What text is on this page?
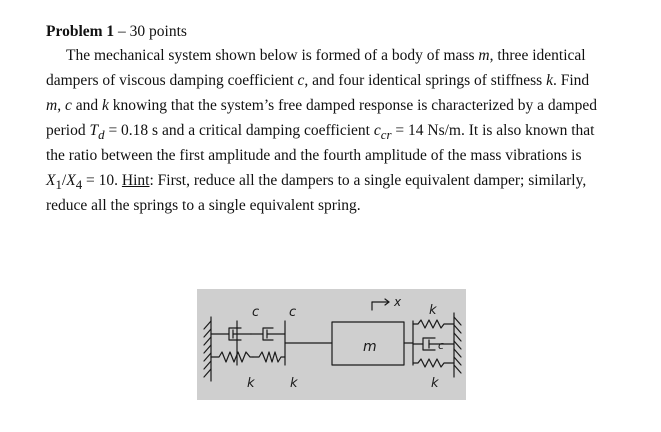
Problem 1 – 30 points
The mechanical system shown below is formed of a body of mass m, three identical
dampers of viscous damping coefficient c, and four identical springs of stiffness k. Find
m, c and k knowing that the system’s free damped response is characterized by a damped
period $T_d = 0.18$ s and a critical damping coefficient $c_{cr} = 14$ Ns/m. It is also known that
the ratio between the first amplitude and the fourth amplitude of the mass vibrations is
$X_1/X_4 = 10$. Hint: First, reduce all the dampers to a single equivalent damper; similarly,
reduce all the springs to a single equivalent spring.
c c
m
x
k
c
k	k	k
